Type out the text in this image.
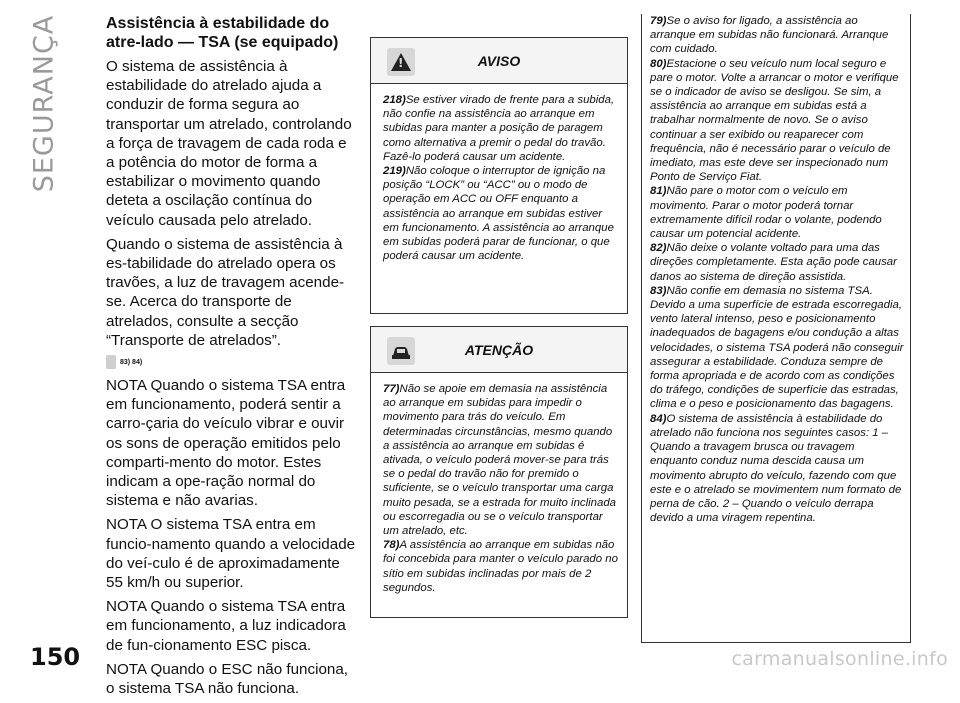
SEGURANÇA
150	carmanualsonline.info
Assistência à estabilidade do atre-lado — TSA (se equipado)

O sistema de assistência à estabilidade do atrelado ajuda a conduzir de forma segura ao transportar um atrelado, controlando a força de travagem de cada roda e a potência do motor de forma a estabilizar o movimento quando deteta a oscilação contínua do veículo causada pelo atrelado.

Quando o sistema de assistência à es-tabilidade do atrelado opera os travões, a luz de travagem acende-se. Acerca do transporte de atrelados, consulte a secção “Transporte de atrelados”.

83) 84)

NOTA Quando o sistema TSA entra em funcionamento, poderá sentir a carro-çaria do veículo vibrar e ouvir os sons de operação emitidos pelo comparti-mento do motor. Estes indicam a ope-ração normal do sistema e não avarias.

NOTA O sistema TSA entra em funcio-namento quando a velocidade do veí-culo é de aproximadamente 55 km/h ou superior.

NOTA Quando o sistema TSA entra em funcionamento, a luz indicadora de fun-cionamento ESC pisca.

NOTA Quando o ESC não funciona, o sistema TSA não funciona.

!
AVISO

218)Se estiver virado de frente para a subida, não confie na assistência ao arranque em subidas para manter a posição de paragem como alternativa a premir o pedal do travão. Fazê-lo poderá causar um acidente.

219)Não coloque o interruptor de ignição na posição “LOCK” ou “ACC” ou o modo de operação em ACC ou OFF enquanto a assistência ao arranque em subidas estiver em funcionamento. A assistência ao arranque em subidas poderá parar de funcionar, o que poderá causar um acidente.

ATENÇÃO

77)Não se apoie em demasia na assistência ao arranque em subidas para impedir o movimento para trás do veículo. Em determinadas circunstâncias, mesmo quando a assistência ao arranque em subidas é ativada, o veículo poderá mover-se para trás se o pedal do travão não for premido o suficiente, se o veículo transportar uma carga muito pesada, se a estrada for muito inclinada ou escorregadia ou se o veículo transportar um atrelado, etc.

78)A assistência ao arranque em subidas não foi concebida para manter o veículo parado no sítio em subidas inclinadas por mais de 2 segundos.

79)Se o aviso for ligado, a assistência ao arranque em subidas não funcionará. Arranque com cuidado.

80)Estacione o seu veículo num local seguro e pare o motor. Volte a arrancar o motor e verifique se o indicador de aviso se desligou. Se sim, a assistência ao arranque em subidas está a trabalhar normalmente de novo. Se o aviso continuar a ser exibido ou reaparecer com frequência, não é necessário parar o veículo de imediato, mas este deve ser inspecionado num Ponto de Serviço Fiat.

81)Não pare o motor com o veículo em movimento. Parar o motor poderá tornar extremamente difícil rodar o volante, podendo causar um potencial acidente.

82)Não deixe o volante voltado para uma das direções completamente. Esta ação pode causar danos ao sistema de direção assistida.

83)Não confie em demasia no sistema TSA. Devido a uma superfície de estrada escorregadia, vento lateral intenso, peso e posicionamento inadequados de bagagens e/ou condução a altas velocidades, o sistema TSA poderá não conseguir assegurar a estabilidade. Conduza sempre de forma apropriada e de acordo com as condições do tráfego, condições de superfície das estradas, clima e o peso e posicionamento das bagagens.

84)O sistema de assistência à estabilidade do atrelado não funciona nos seguintes casos: 1 – Quando a travagem brusca ou travagem enquanto conduz numa descida causa um movimento abrupto do veículo, fazendo com que este e o atrelado se movimentem num formato de perna de cão. 2 – Quando o veículo derrapa devido a uma viragem repentina.
